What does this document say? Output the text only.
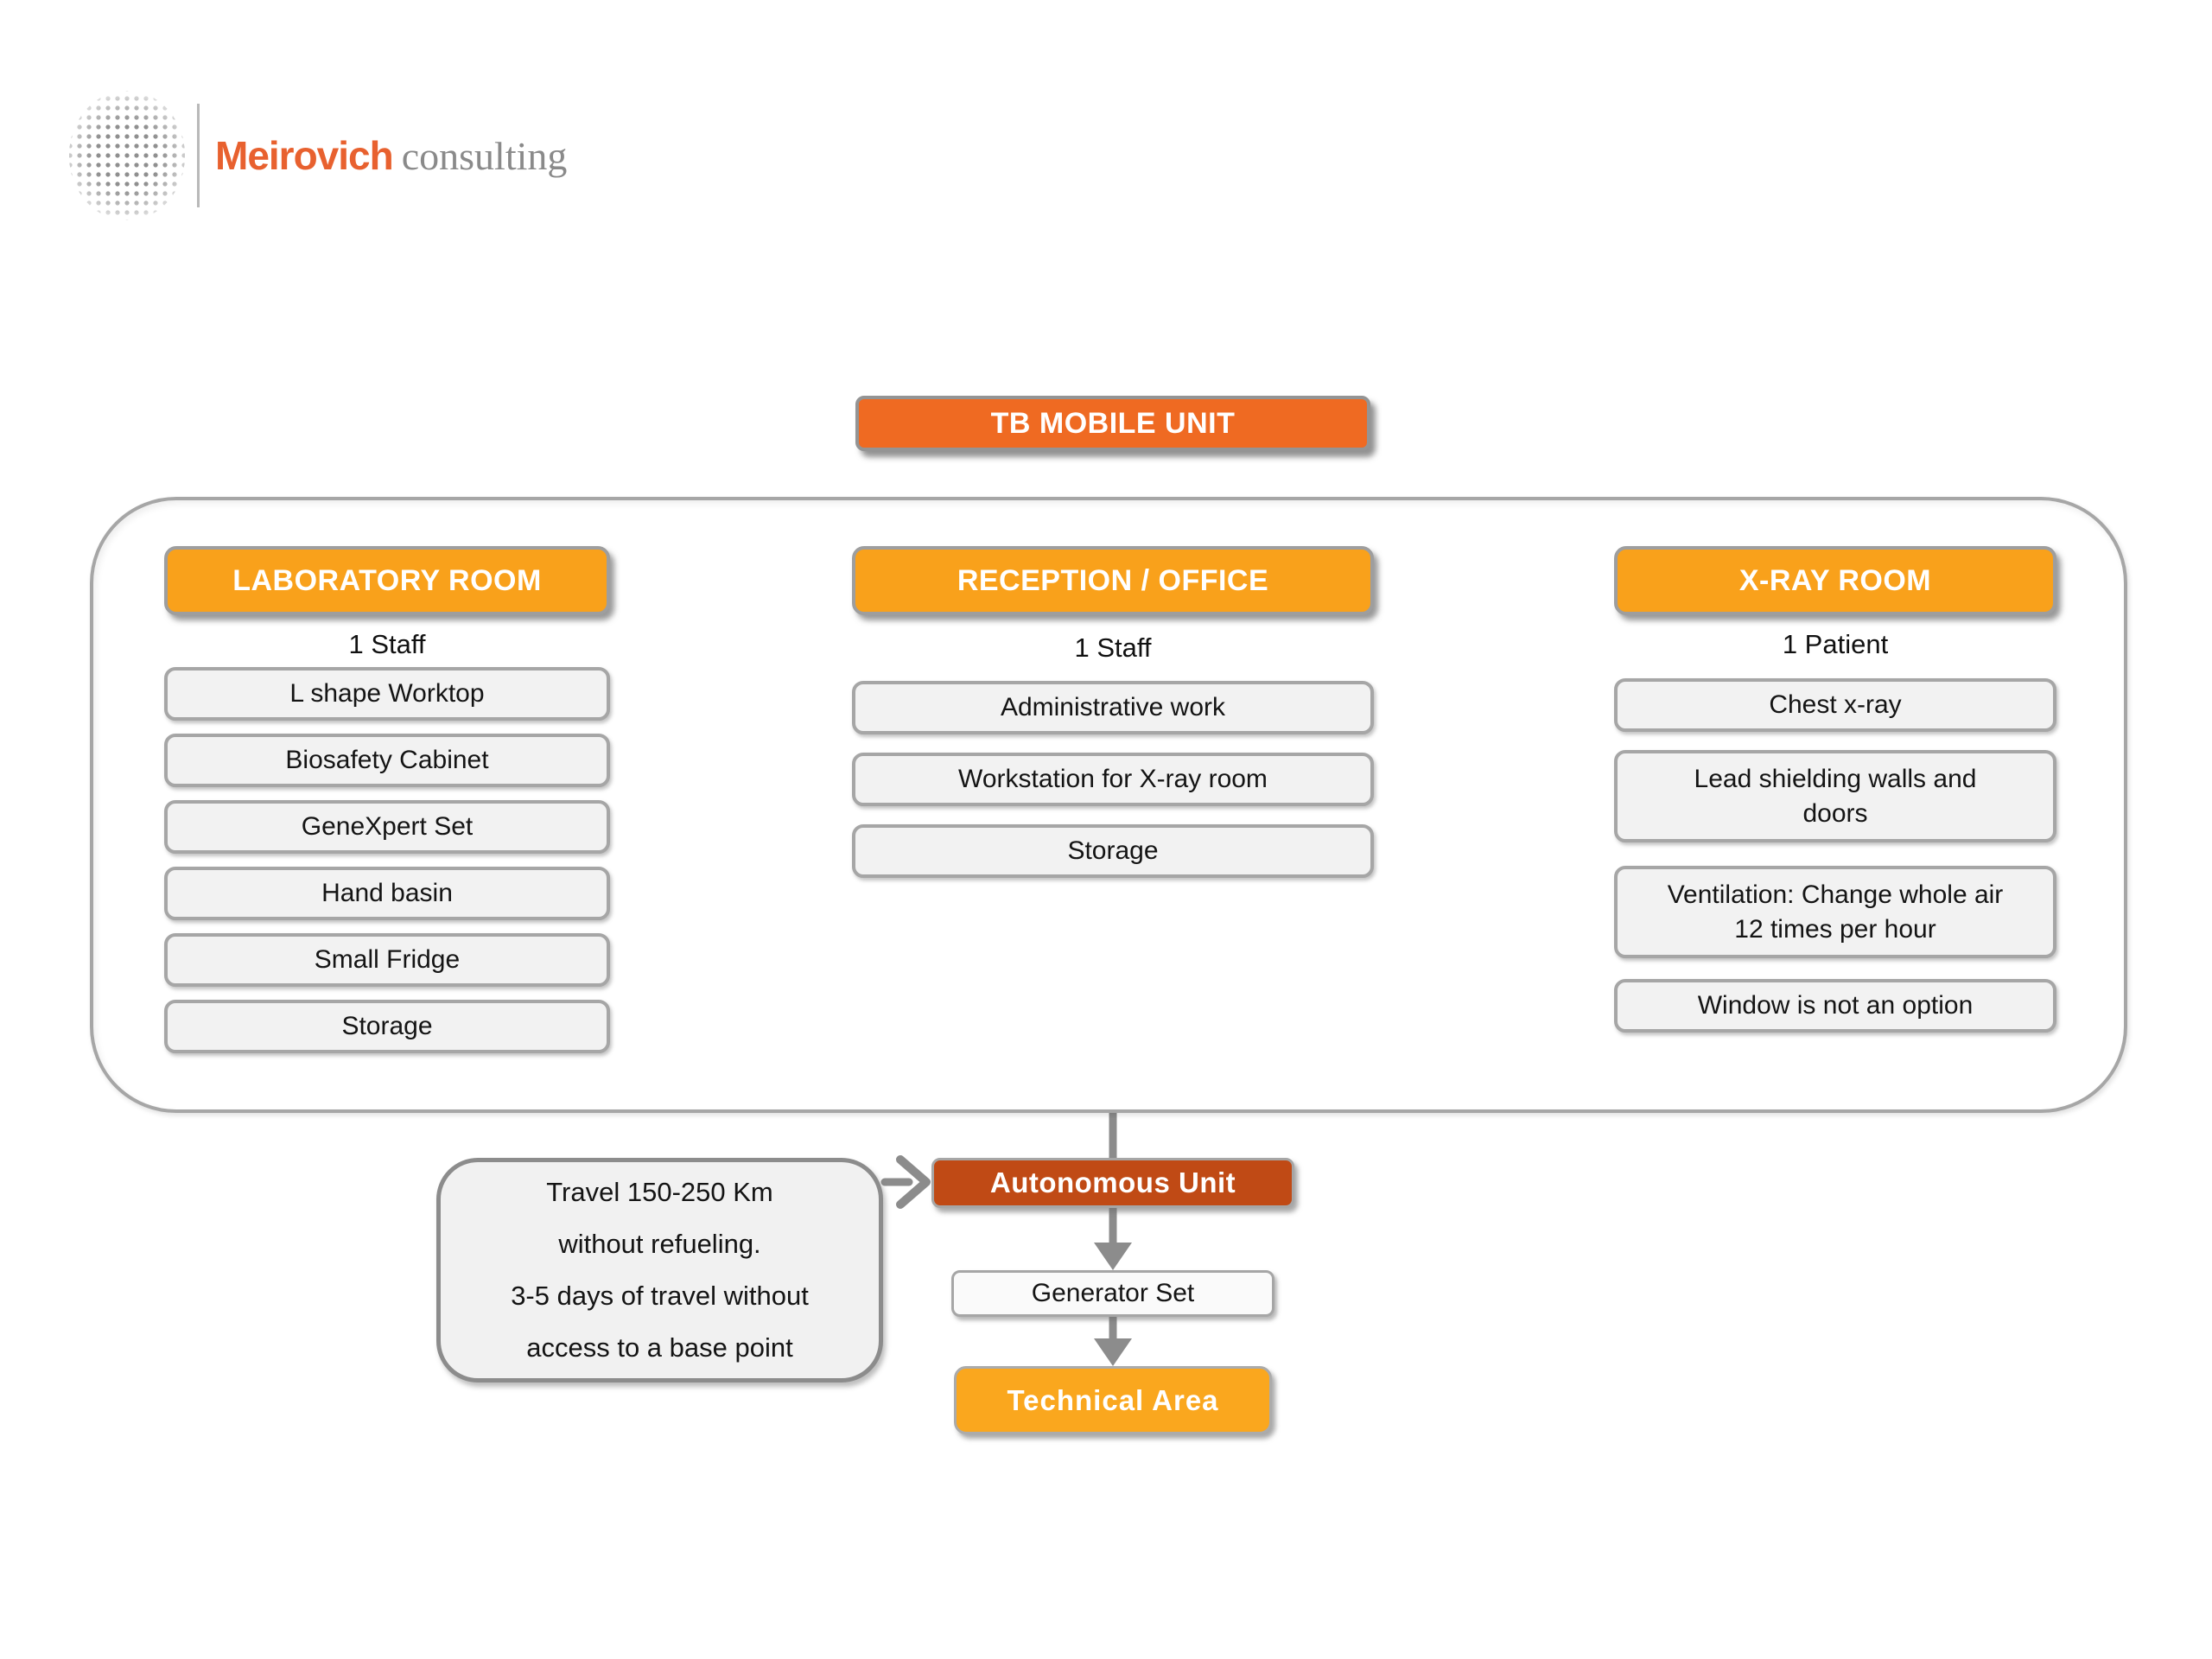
Meirovich consulting
TB MOBILE UNIT
LABORATORY ROOM
1 Staff
L shape Worktop
Biosafety Cabinet
GeneXpert Set
Hand basin
Small Fridge
Storage
RECEPTION / OFFICE
1 Staff
Administrative work
Workstation for X-ray room
Storage
X-RAY ROOM
1 Patient
Chest x-ray
Lead shielding walls and doors
Ventilation: Change whole air 12 times per hour
Window is not an option
Travel 150-250 Km
without refueling.
3-5 days of travel without
access to a base point
Autonomous Unit
Generator Set
Technical Area
